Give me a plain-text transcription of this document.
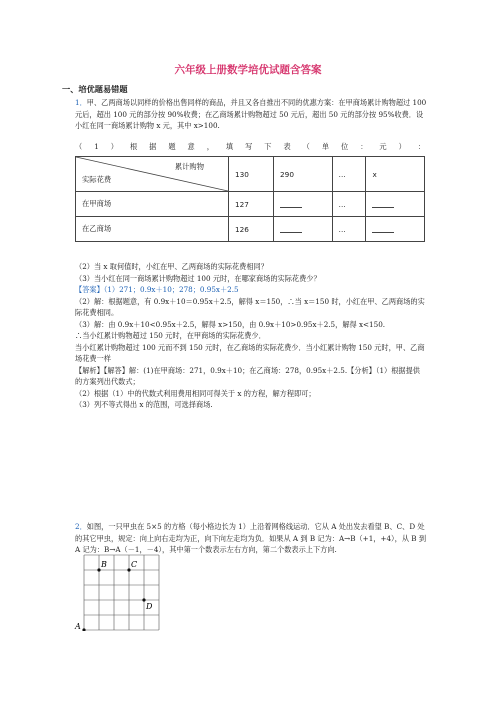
六年级上册数学培优试题含答案
一、培优题易错题
1．甲、乙两商场以同样的价格出售同样的商品，并且又各自推出不同的优惠方案：在甲商场累计购物超过 100 元后，超出 100 元的部分按 90%收费；在乙商场累计购物超过 50 元后，超出 50 元的部分按 95%收费．设小红在同一商场累计购物 x 元，其中 x>100.
（ 1 ） 根 据 题 意 ， 填 写 下 表 （ 单 位 ： 元 ） ：
累计购物
实际花费	130	290	…	x
在甲商场	127		…	
在乙商场	126		…	
（2）当 x 取何值时，小红在甲、乙两商场的实际花费相同？
（3）当小红在同一商场累计购物超过 100 元时，在哪家商场的实际花费少？
【答案】（1）271；0.9x＋10；278；0.95x＋2.5
（2）解：根据题意，有 0.9x＋10＝0.95x＋2.5，解得 x＝150，∴当 x＝150 时，小红在甲、乙两商场的实际花费相同。
（3）解：由 0.9x＋10<0.95x＋2.5，解得 x>150，由 0.9x＋10>0.95x＋2.5，解得 x<150.
∴当小红累计购物超过 150 元时，在甲商场的实际花费少．
当小红累计购物超过 100 元而不到 150 元时，在乙商场的实际花费少．当小红累计购物 150 元时，甲、乙商场花费一样
【解析】【解答】解：(1)在甲商场：271，0.9x＋10；在乙商场：278，0.95x＋2.5.【分析】（1）根据提供的方案列出代数式；
（2）根据（1）中的代数式利用费用相同可得关于 x 的方程，解方程即可；
（3）列不等式得出 x 的范围，可选择商场.
2．如图，一只甲虫在 5×5 的方格（每小格边长为 1）上沿着网格线运动．它从 A 处出发去看望 B、C、D 处的其它甲虫，规定：向上向右走均为正，向下向左走均为负．如果从 A 到 B 记为：A→B（+1，+4），从 B 到 A 记为：B→A（－1，－4），其中第一个数表示左右方向，第二个数表示上下方向.
B	C
D
A
